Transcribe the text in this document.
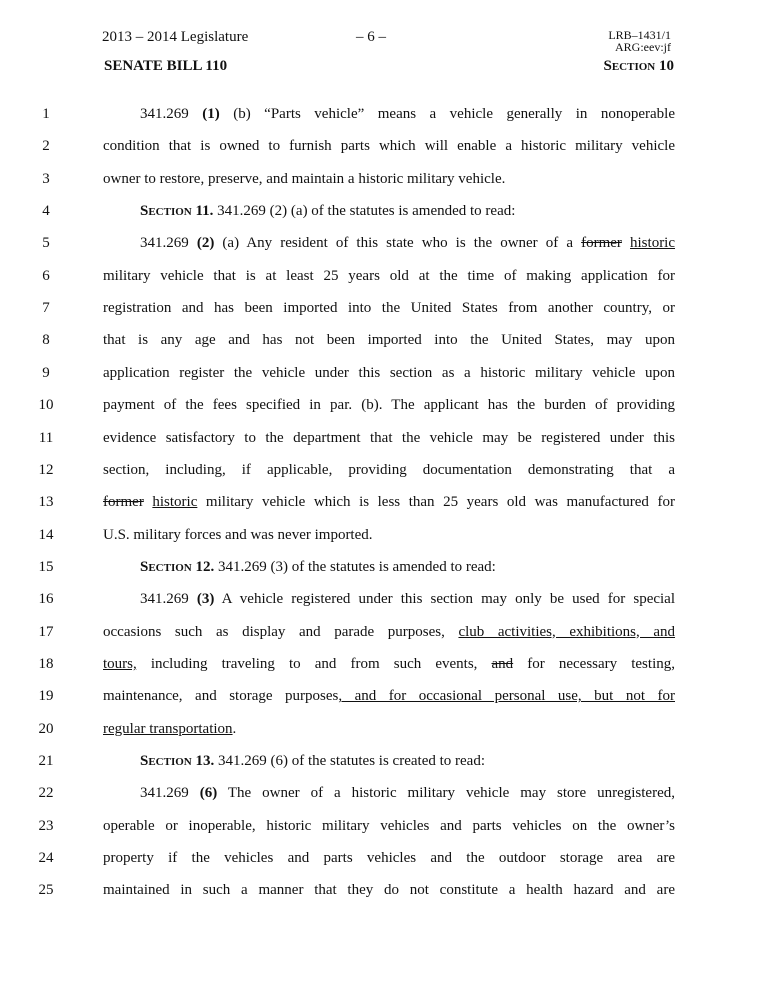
2013 – 2014 Legislature	– 6 –	LRB–1431/1
ARG:eev:jf
SENATE BILL 110	Section 10
1	341.269 (1) (b) “Parts vehicle” means a vehicle generally in nonoperable
2	condition that is owned to furnish parts which will enable a historic military vehicle
3	owner to restore, preserve, and maintain a historic military vehicle.
4	Section 11. 341.269 (2) (a) of the statutes is amended to read:
5	341.269 (2) (a) Any resident of this state who is the owner of a former historic
6	military vehicle that is at least 25 years old at the time of making application for
7	registration and has been imported into the United States from another country, or
8	that is any age and has not been imported into the United States, may upon
9	application register the vehicle under this section as a historic military vehicle upon
10	payment of the fees specified in par. (b). The applicant has the burden of providing
11	evidence satisfactory to the department that the vehicle may be registered under this
12	section, including, if applicable, providing documentation demonstrating that a
13	former historic military vehicle which is less than 25 years old was manufactured for
14	U.S. military forces and was never imported.
15	Section 12. 341.269 (3) of the statutes is amended to read:
16	341.269 (3) A vehicle registered under this section may only be used for special
17	occasions such as display and parade purposes, club activities, exhibitions, and
18	tours, including traveling to and from such events, and for necessary testing,
19	maintenance, and storage purposes, and for occasional personal use, but not for
20	regular transportation.
21	Section 13. 341.269 (6) of the statutes is created to read:
22	341.269 (6) The owner of a historic military vehicle may store unregistered,
23	operable or inoperable, historic military vehicles and parts vehicles on the owner’s
24	property if the vehicles and parts vehicles and the outdoor storage area are
25	maintained in such a manner that they do not constitute a health hazard and are
